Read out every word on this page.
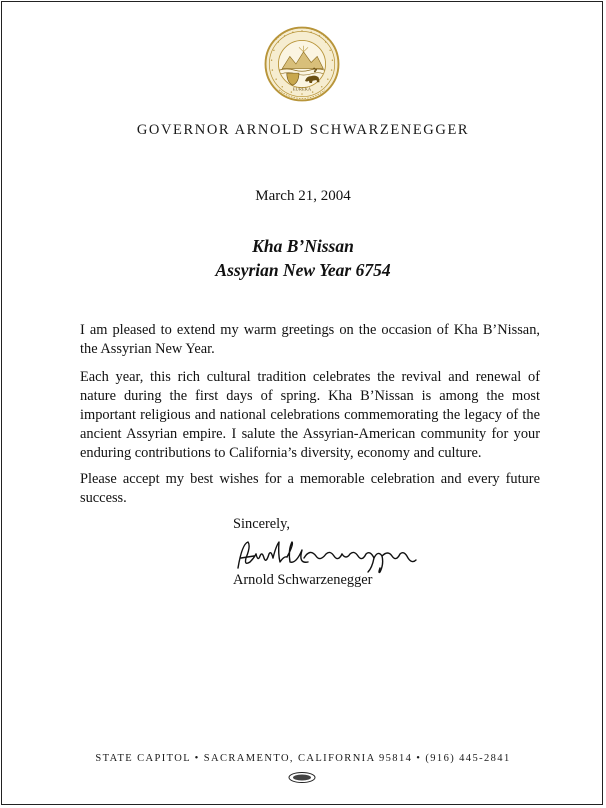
EUREKA
GOVERNOR ARNOLD SCHWARZENEGGER
March 21, 2004
Kha B’Nissan
Assyrian New Year 6754

I am pleased to extend my warm greetings on the occasion of Kha B’Nissan, the Assyrian New Year.

Each year, this rich cultural tradition celebrates the revival and renewal of nature during the first days of spring. Kha B’Nissan is among the most important religious and national celebrations commemorating the legacy of the ancient Assyrian empire. I salute the Assyrian-American community for your enduring contributions to California’s diversity, economy and culture.

Please accept my best wishes for a memorable celebration and every future success.

Sincerely,
Arnold Schwarzenegger
STATE CAPITOL • SACRAMENTO, CALIFORNIA 95814 • (916) 445-2841
